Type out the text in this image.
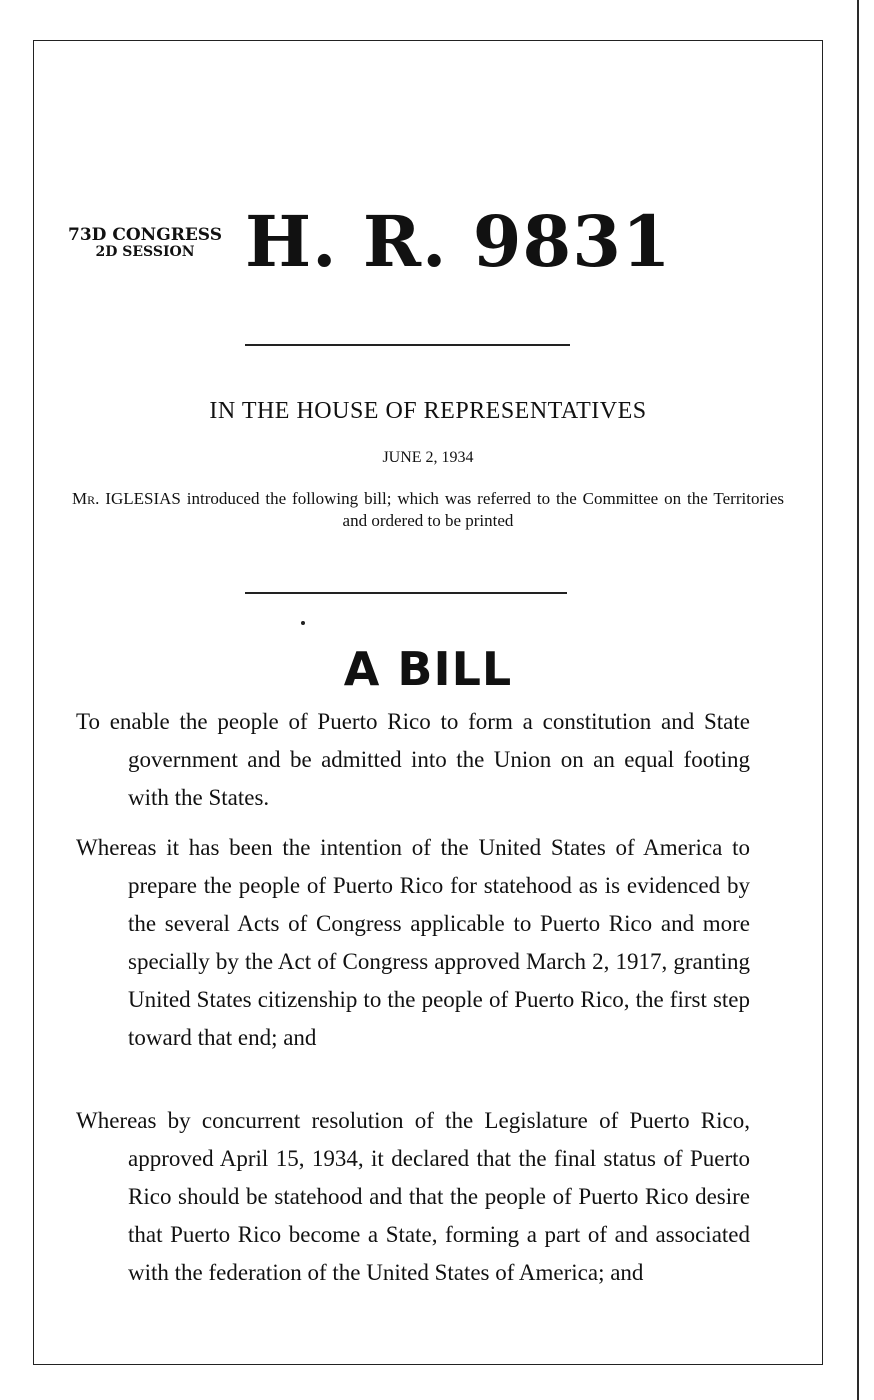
73D CONGRESS
2D SESSION H. R. 9831
IN THE HOUSE OF REPRESENTATIVES
JUNE 2, 1934
Mr. IGLESIAS introduced the following bill; which was referred to the Committee on the Territories and ordered to be printed
A BILL
To enable the people of Puerto Rico to form a constitution and State government and be admitted into the Union on an equal footing with the States.
Whereas it has been the intention of the United States of America to prepare the people of Puerto Rico for statehood as is evidenced by the several Acts of Congress applicable to Puerto Rico and more specially by the Act of Congress approved March 2, 1917, granting United States citizenship to the people of Puerto Rico, the first step toward that end; and
Whereas by concurrent resolution of the Legislature of Puerto Rico, approved April 15, 1934, it declared that the final status of Puerto Rico should be statehood and that the people of Puerto Rico desire that Puerto Rico become a State, forming a part of and associated with the federation of the United States of America; and
